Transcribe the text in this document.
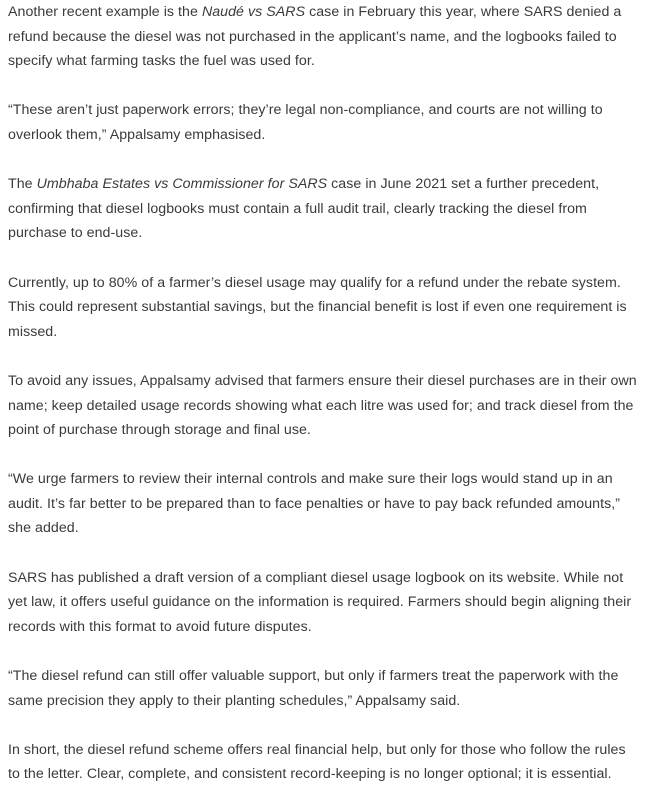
Another recent example is the Naudé vs SARS case in February this year, where SARS denied a refund because the diesel was not purchased in the applicant’s name, and the logbooks failed to specify what farming tasks the fuel was used for.

“These aren’t just paperwork errors; they’re legal non-compliance, and courts are not willing to overlook them,” Appalsamy emphasised.

The Umbhaba Estates vs Commissioner for SARS case in June 2021 set a further precedent, confirming that diesel logbooks must contain a full audit trail, clearly tracking the diesel from purchase to end-use.

Currently, up to 80% of a farmer’s diesel usage may qualify for a refund under the rebate system. This could represent substantial savings, but the financial benefit is lost if even one requirement is missed.

To avoid any issues, Appalsamy advised that farmers ensure their diesel purchases are in their own name; keep detailed usage records showing what each litre was used for; and track diesel from the point of purchase through storage and final use.

“We urge farmers to review their internal controls and make sure their logs would stand up in an audit. It’s far better to be prepared than to face penalties or have to pay back refunded amounts,” she added.

SARS has published a draft version of a compliant diesel usage logbook on its website. While not yet law, it offers useful guidance on the information is required. Farmers should begin aligning their records with this format to avoid future disputes.

“The diesel refund can still offer valuable support, but only if farmers treat the paperwork with the same precision they apply to their planting schedules,” Appalsamy said.

In short, the diesel refund scheme offers real financial help, but only for those who follow the rules to the letter. Clear, complete, and consistent record-keeping is no longer optional; it is essential.
